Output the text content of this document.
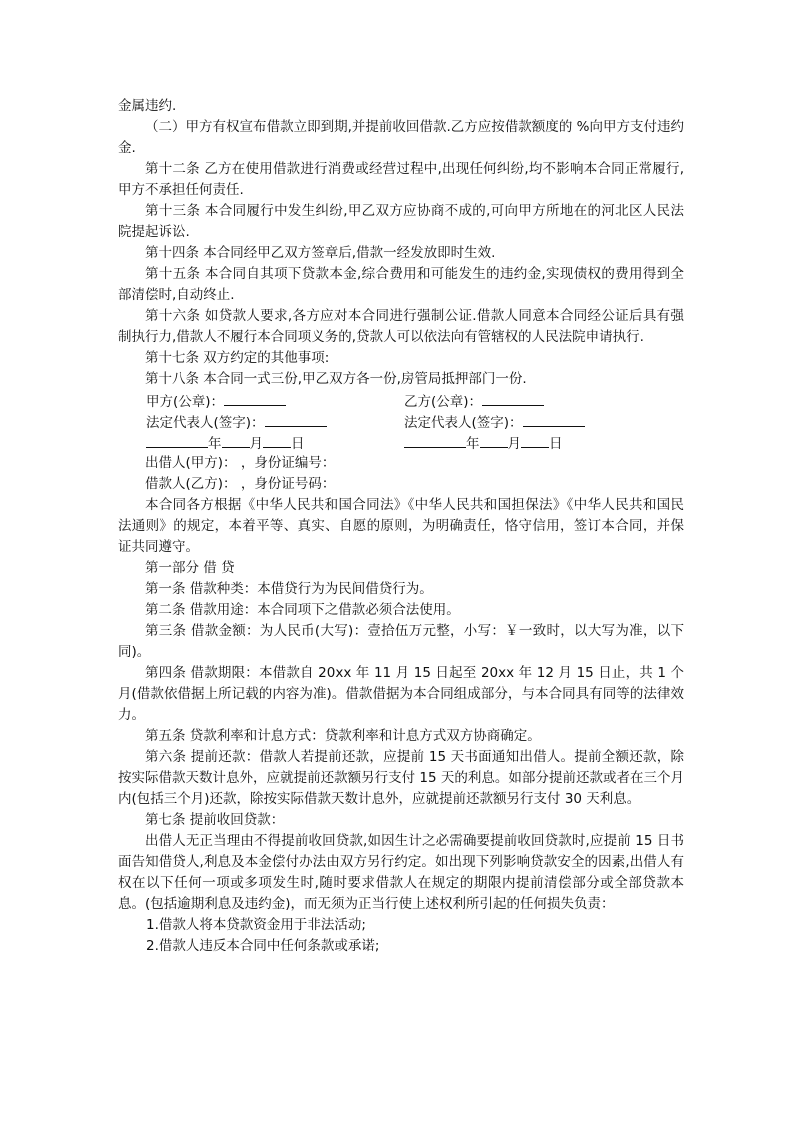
金属违约.

（二）甲方有权宣布借款立即到期,并提前收回借款.乙方应按借款额度的 %向甲方支付违约金.

第十二条 乙方在使用借款进行消费或经营过程中,出现任何纠纷,均不影响本合同正常履行,甲方不承担任何责任.

第十三条 本合同履行中发生纠纷,甲乙双方应协商不成的,可向甲方所地在的河北区人民法院提起诉讼.

第十四条 本合同经甲乙双方签章后,借款一经发放即时生效.

第十五条 本合同自其项下贷款本金,综合费用和可能发生的违约金,实现债权的费用得到全部清偿时,自动终止.

第十六条 如贷款人要求,各方应对本合同进行强制公证.借款人同意本合同经公证后具有强制执行力,借款人不履行本合同项义务的,贷款人可以依法向有管辖权的人民法院申请执行.

第十七条 双方约定的其他事项:

第十八条 本合同一式三份,甲乙双方各一份,房管局抵押部门一份.

甲方(公章)：	乙方(公章)：
法定代表人(签字)：	法定代表人(签字)：
年 月 日	年 月 日

出借人(甲方)： ，身份证编号：

借款人(乙方)： ，身份证号码：

本合同各方根据《中华人民共和国合同法》《中华人民共和国担保法》《中华人民共和国民法通则》的规定，本着平等、真实、自愿的原则，为明确责任，恪守信用，签订本合同，并保证共同遵守。

第一部分 借 贷

第一条 借款种类：本借贷行为为民间借贷行为。

第二条 借款用途：本合同项下之借款必须合法使用。

第三条 借款金额：为人民币(大写)：壹拾伍万元整，小写：￥一致时，以大写为准，以下同)。

第四条 借款期限：本借款自 20xx 年 11 月 15 日起至 20xx 年 12 月 15 日止，共 1 个月(借款依借据上所记载的内容为准)。借款借据为本合同组成部分，与本合同具有同等的法律效力。

第五条 贷款利率和计息方式：贷款利率和计息方式双方协商确定。

第六条 提前还款：借款人若提前还款，应提前 15 天书面通知出借人。提前全额还款，除按实际借款天数计息外，应就提前还款额另行支付 15 天的利息。如部分提前还款或者在三个月内(包括三个月)还款，除按实际借款天数计息外，应就提前还款额另行支付 30 天利息。

第七条 提前收回贷款：

出借人无正当理由不得提前收回贷款,如因生计之必需确要提前收回贷款时,应提前 15 日书面告知借贷人,利息及本金偿付办法由双方另行约定。如出现下列影响贷款安全的因素,出借人有权在以下任何一项或多项发生时,随时要求借款人在规定的期限内提前清偿部分或全部贷款本息。(包括逾期利息及违约金)，而无须为正当行使上述权利所引起的任何损失负责：

1.借款人将本贷款资金用于非法活动;

2.借款人违反本合同中任何条款或承诺;
